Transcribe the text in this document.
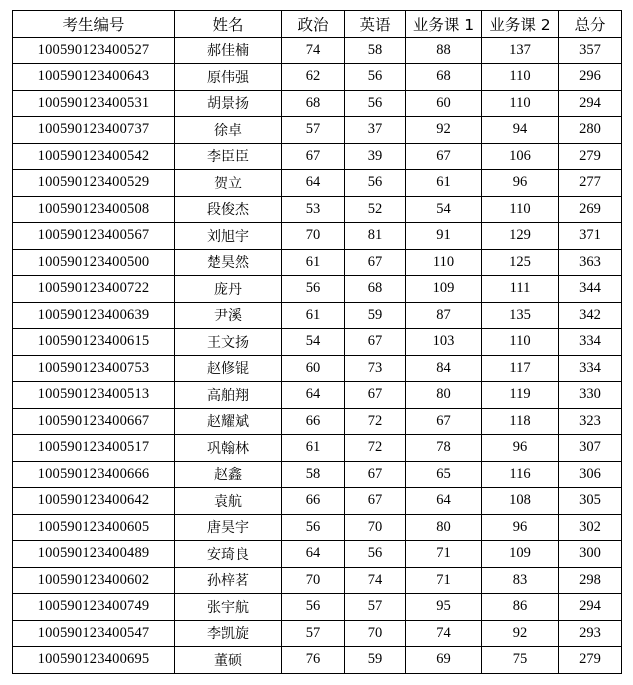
考生编号	姓名	政治	英语	业务课 1	业务课 2	总分
100590123400527	郝佳楠	74	58	88	137	357
100590123400643	原伟强	62	56	68	110	296
100590123400531	胡景扬	68	56	60	110	294
100590123400737	徐卓	57	37	92	94	280
100590123400542	李臣臣	67	39	67	106	279
100590123400529	贺立	64	56	61	96	277
100590123400508	段俊杰	53	52	54	110	269
100590123400567	刘旭宇	70	81	91	129	371
100590123400500	楚昊然	61	67	110	125	363
100590123400722	庞丹	56	68	109	111	344
100590123400639	尹溪	61	59	87	135	342
100590123400615	王文扬	54	67	103	110	334
100590123400753	赵修锟	60	73	84	117	334
100590123400513	高舶翔	64	67	80	119	330
100590123400667	赵耀斌	66	72	67	118	323
100590123400517	巩翰林	61	72	78	96	307
100590123400666	赵鑫	58	67	65	116	306
100590123400642	袁航	66	67	64	108	305
100590123400605	唐昊宇	56	70	80	96	302
100590123400489	安琦良	64	56	71	109	300
100590123400602	孙梓茗	70	74	71	83	298
100590123400749	张宇航	56	57	95	86	294
100590123400547	李凯旋	57	70	74	92	293
100590123400695	董硕	76	59	69	75	279
